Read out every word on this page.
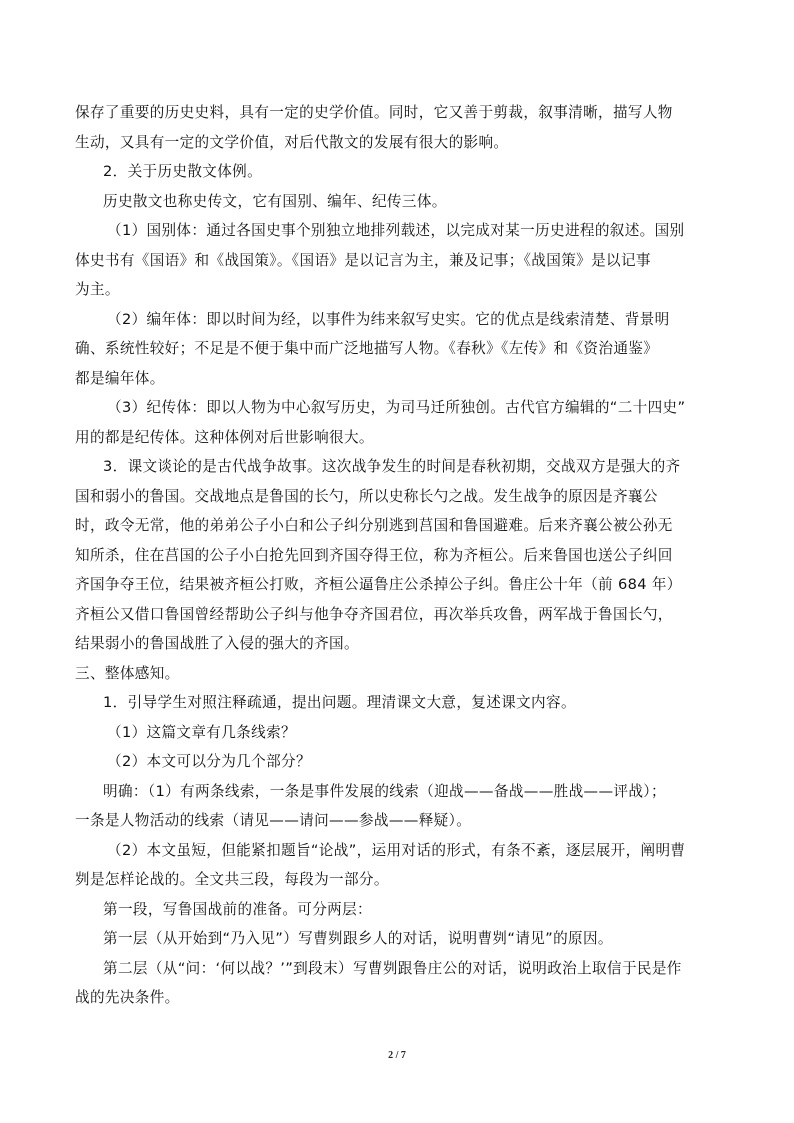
保存了重要的历史史料，具有一定的史学价值。同时，它又善于剪裁，叙事清晰，描写人物
生动，又具有一定的文学价值，对后代散文的发展有很大的影响。
2．关于历史散文体例。
历史散文也称史传文，它有国别、编年、纪传三体。
（1）国别体：通过各国史事个别独立地排列载述，以完成对某一历史进程的叙述。国别
体史书有《国语》和《战国策》。《国语》是以记言为主，兼及记事；《战国策》是以记事
为主。
（2）编年体：即以时间为经，以事件为纬来叙写史实。它的优点是线索清楚、背景明
确、系统性较好；不足是不便于集中而广泛地描写人物。《春秋》《左传》和《资治通鉴》
都是编年体。
（3）纪传体：即以人物为中心叙写历史，为司马迁所独创。古代官方编辑的“二十四史”
用的都是纪传体。这种体例对后世影响很大。
3．课文谈论的是古代战争故事。这次战争发生的时间是春秋初期，交战双方是强大的齐
国和弱小的鲁国。交战地点是鲁国的长勺，所以史称长勺之战。发生战争的原因是齐襄公
时，政令无常，他的弟弟公子小白和公子纠分别逃到莒国和鲁国避难。后来齐襄公被公孙无
知所杀，住在莒国的公子小白抢先回到齐国夺得王位，称为齐桓公。后来鲁国也送公子纠回
齐国争夺王位，结果被齐桓公打败，齐桓公逼鲁庄公杀掉公子纠。鲁庄公十年（前 684 年）
齐桓公又借口鲁国曾经帮助公子纠与他争夺齐国君位，再次举兵攻鲁，两军战于鲁国长勺，
结果弱小的鲁国战胜了入侵的强大的齐国。
三、整体感知。
1．引导学生对照注释疏通，提出问题。理清课文大意，复述课文内容。
（1）这篇文章有几条线索？
（2）本文可以分为几个部分？
明确：（1）有两条线索，一条是事件发展的线索（迎战——备战——胜战——评战）；
一条是人物活动的线索（请见——请问——参战——释疑）。
（2）本文虽短，但能紧扣题旨“论战”，运用对话的形式，有条不紊，逐层展开，阐明曹
刿是怎样论战的。全文共三段，每段为一部分。
第一段，写鲁国战前的准备。可分两层：
第一层（从开始到“乃入见”）写曹刿跟乡人的对话，说明曹刿“请见”的原因。
第二层（从“问：‘何以战？’”到段末）写曹刿跟鲁庄公的对话，说明政治上取信于民是作
战的先决条件。
2 / 7
